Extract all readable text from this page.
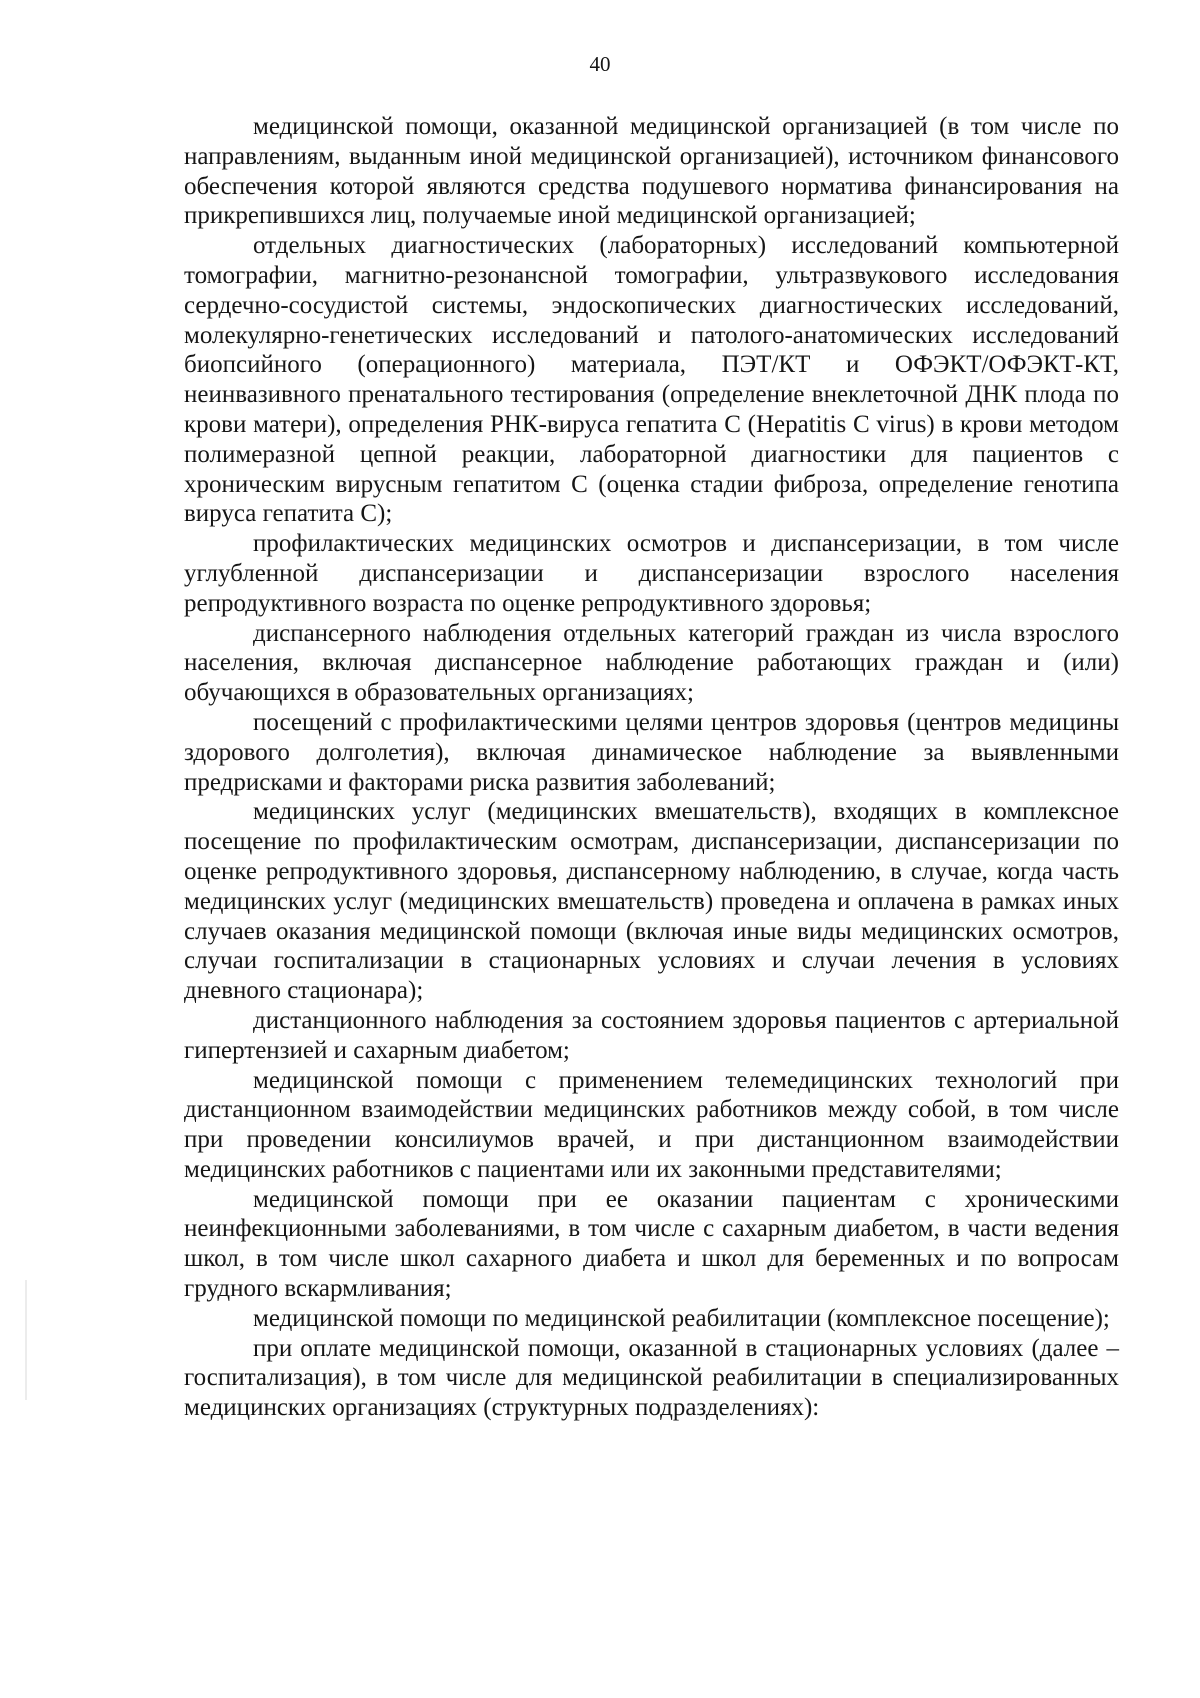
40

медицинской помощи, оказанной медицинской организацией (в том числе по направлениям, выданным иной медицинской организацией), источником финансового обеспечения которой являются средства подушевого норматива финансирования на прикрепившихся лиц, получаемые иной медицинской организацией;

отдельных диагностических (лабораторных) исследований компьютерной томографии, магнитно-резонансной томографии, ультразвукового исследования сердечно-сосудистой системы, эндоскопических диагностических исследований, молекулярно-генетических исследований и патолого-анатомических исследований биопсийного (операционного) материала, ПЭТ/КТ и ОФЭКТ/ОФЭКТ-КТ, неинвазивного пренатального тестирования (определение внеклеточной ДНК плода по крови матери), определения РНК-вируса гепатита С (Hepatitis C virus) в крови методом полимеразной цепной реакции, лабораторной диагностики для пациентов с хроническим вирусным гепатитом С (оценка стадии фиброза, определение генотипа вируса гепатита С);

профилактических медицинских осмотров и диспансеризации, в том числе углубленной диспансеризации и диспансеризации взрослого населения репродуктивного возраста по оценке репродуктивного здоровья;

диспансерного наблюдения отдельных категорий граждан из числа взрослого населения, включая диспансерное наблюдение работающих граждан и (или) обучающихся в образовательных организациях;

посещений с профилактическими целями центров здоровья (центров медицины здорового долголетия), включая динамическое наблюдение за выявленными предрисками и факторами риска развития заболеваний;

медицинских услуг (медицинских вмешательств), входящих в комплексное посещение по профилактическим осмотрам, диспансеризации, диспансеризации по оценке репродуктивного здоровья, диспансерному наблюдению, в случае, когда часть медицинских услуг (медицинских вмешательств) проведена и оплачена в рамках иных случаев оказания медицинской помощи (включая иные виды медицинских осмотров, случаи госпитализации в стационарных условиях и случаи лечения в условиях дневного стационара);

дистанционного наблюдения за состоянием здоровья пациентов с артериальной гипертензией и сахарным диабетом;

медицинской помощи с применением телемедицинских технологий при дистанционном взаимодействии медицинских работников между собой, в том числе при проведении консилиумов врачей, и при дистанционном взаимодействии медицинских работников с пациентами или их законными представителями;

медицинской помощи при ее оказании пациентам с хроническими неинфекционными заболеваниями, в том числе с сахарным диабетом, в части ведения школ, в том числе школ сахарного диабета и школ для беременных и по вопросам грудного вскармливания;

медицинской помощи по медицинской реабилитации (комплексное посещение);

при оплате медицинской помощи, оказанной в стационарных условиях (далее – госпитализация), в том числе для медицинской реабилитации в специализированных медицинских организациях (структурных подразделениях):
